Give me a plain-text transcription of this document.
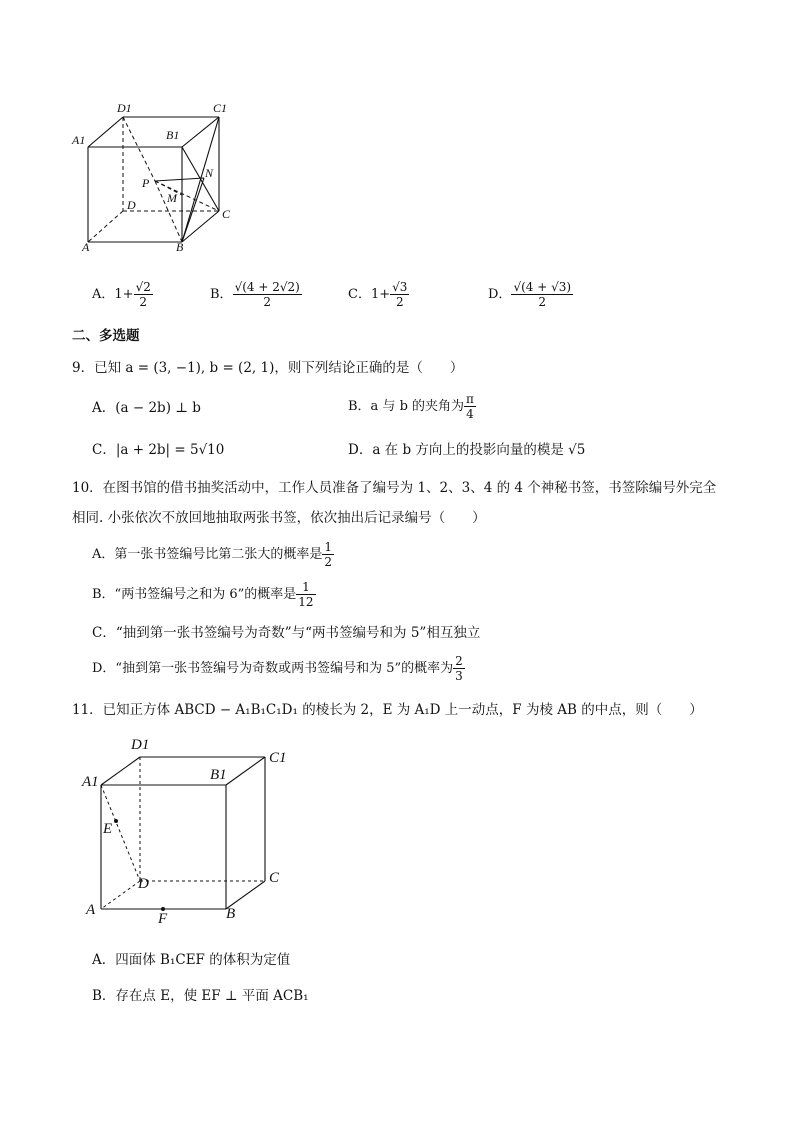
D1	C1
A1	B1
P
N
M
D
C
A	B
A．$1+ \frac{√2}{2}$	B． $\frac{√(4 + 2√2)}{2}$	C．$1+ \frac{√3}{2}$	D． $\frac{√(4 + √3)}{2}$
二、多选题
9．已知 a = (3, −1), b = (2, 1)，则下列结论正确的是（　　）
A．(a − 2b) ⊥ b	B．a 与 b 的夹角为 $\frac{\pi}{4}$
C．|a + 2b| = 5√10	D．a 在 b 方向上的投影向量的模是 √5
10．在图书馆的借书抽奖活动中，工作人员准备了编号为 1、2、3、4 的 4 个神秘书签，书签除编号外完全
相同. 小张依次不放回地抽取两张书签，依次抽出后记录编号（　　）
A．第一张书签编号比第二张大的概率是 $\frac{1}{2}$
B．“两书签编号之和为 6”的概率是 $\frac{1}{12}$
C．“抽到第一张书签编号为奇数”与“两书签编号和为 5”相互独立
D．“抽到第一张书签编号为奇数或两书签编号和为 5”的概率为 $\frac{2}{3}$
11．已知正方体 ABCD − A₁B₁C₁D₁ 的棱长为 2，E 为 A₁D 上一动点，F 为棱 AB 的中点，则（　　）
D1
C1
A1	B1
E
D	C
A	B
F
A．四面体 B₁CEF 的体积为定值
B．存在点 E，使 EF ⊥ 平面 ACB₁
